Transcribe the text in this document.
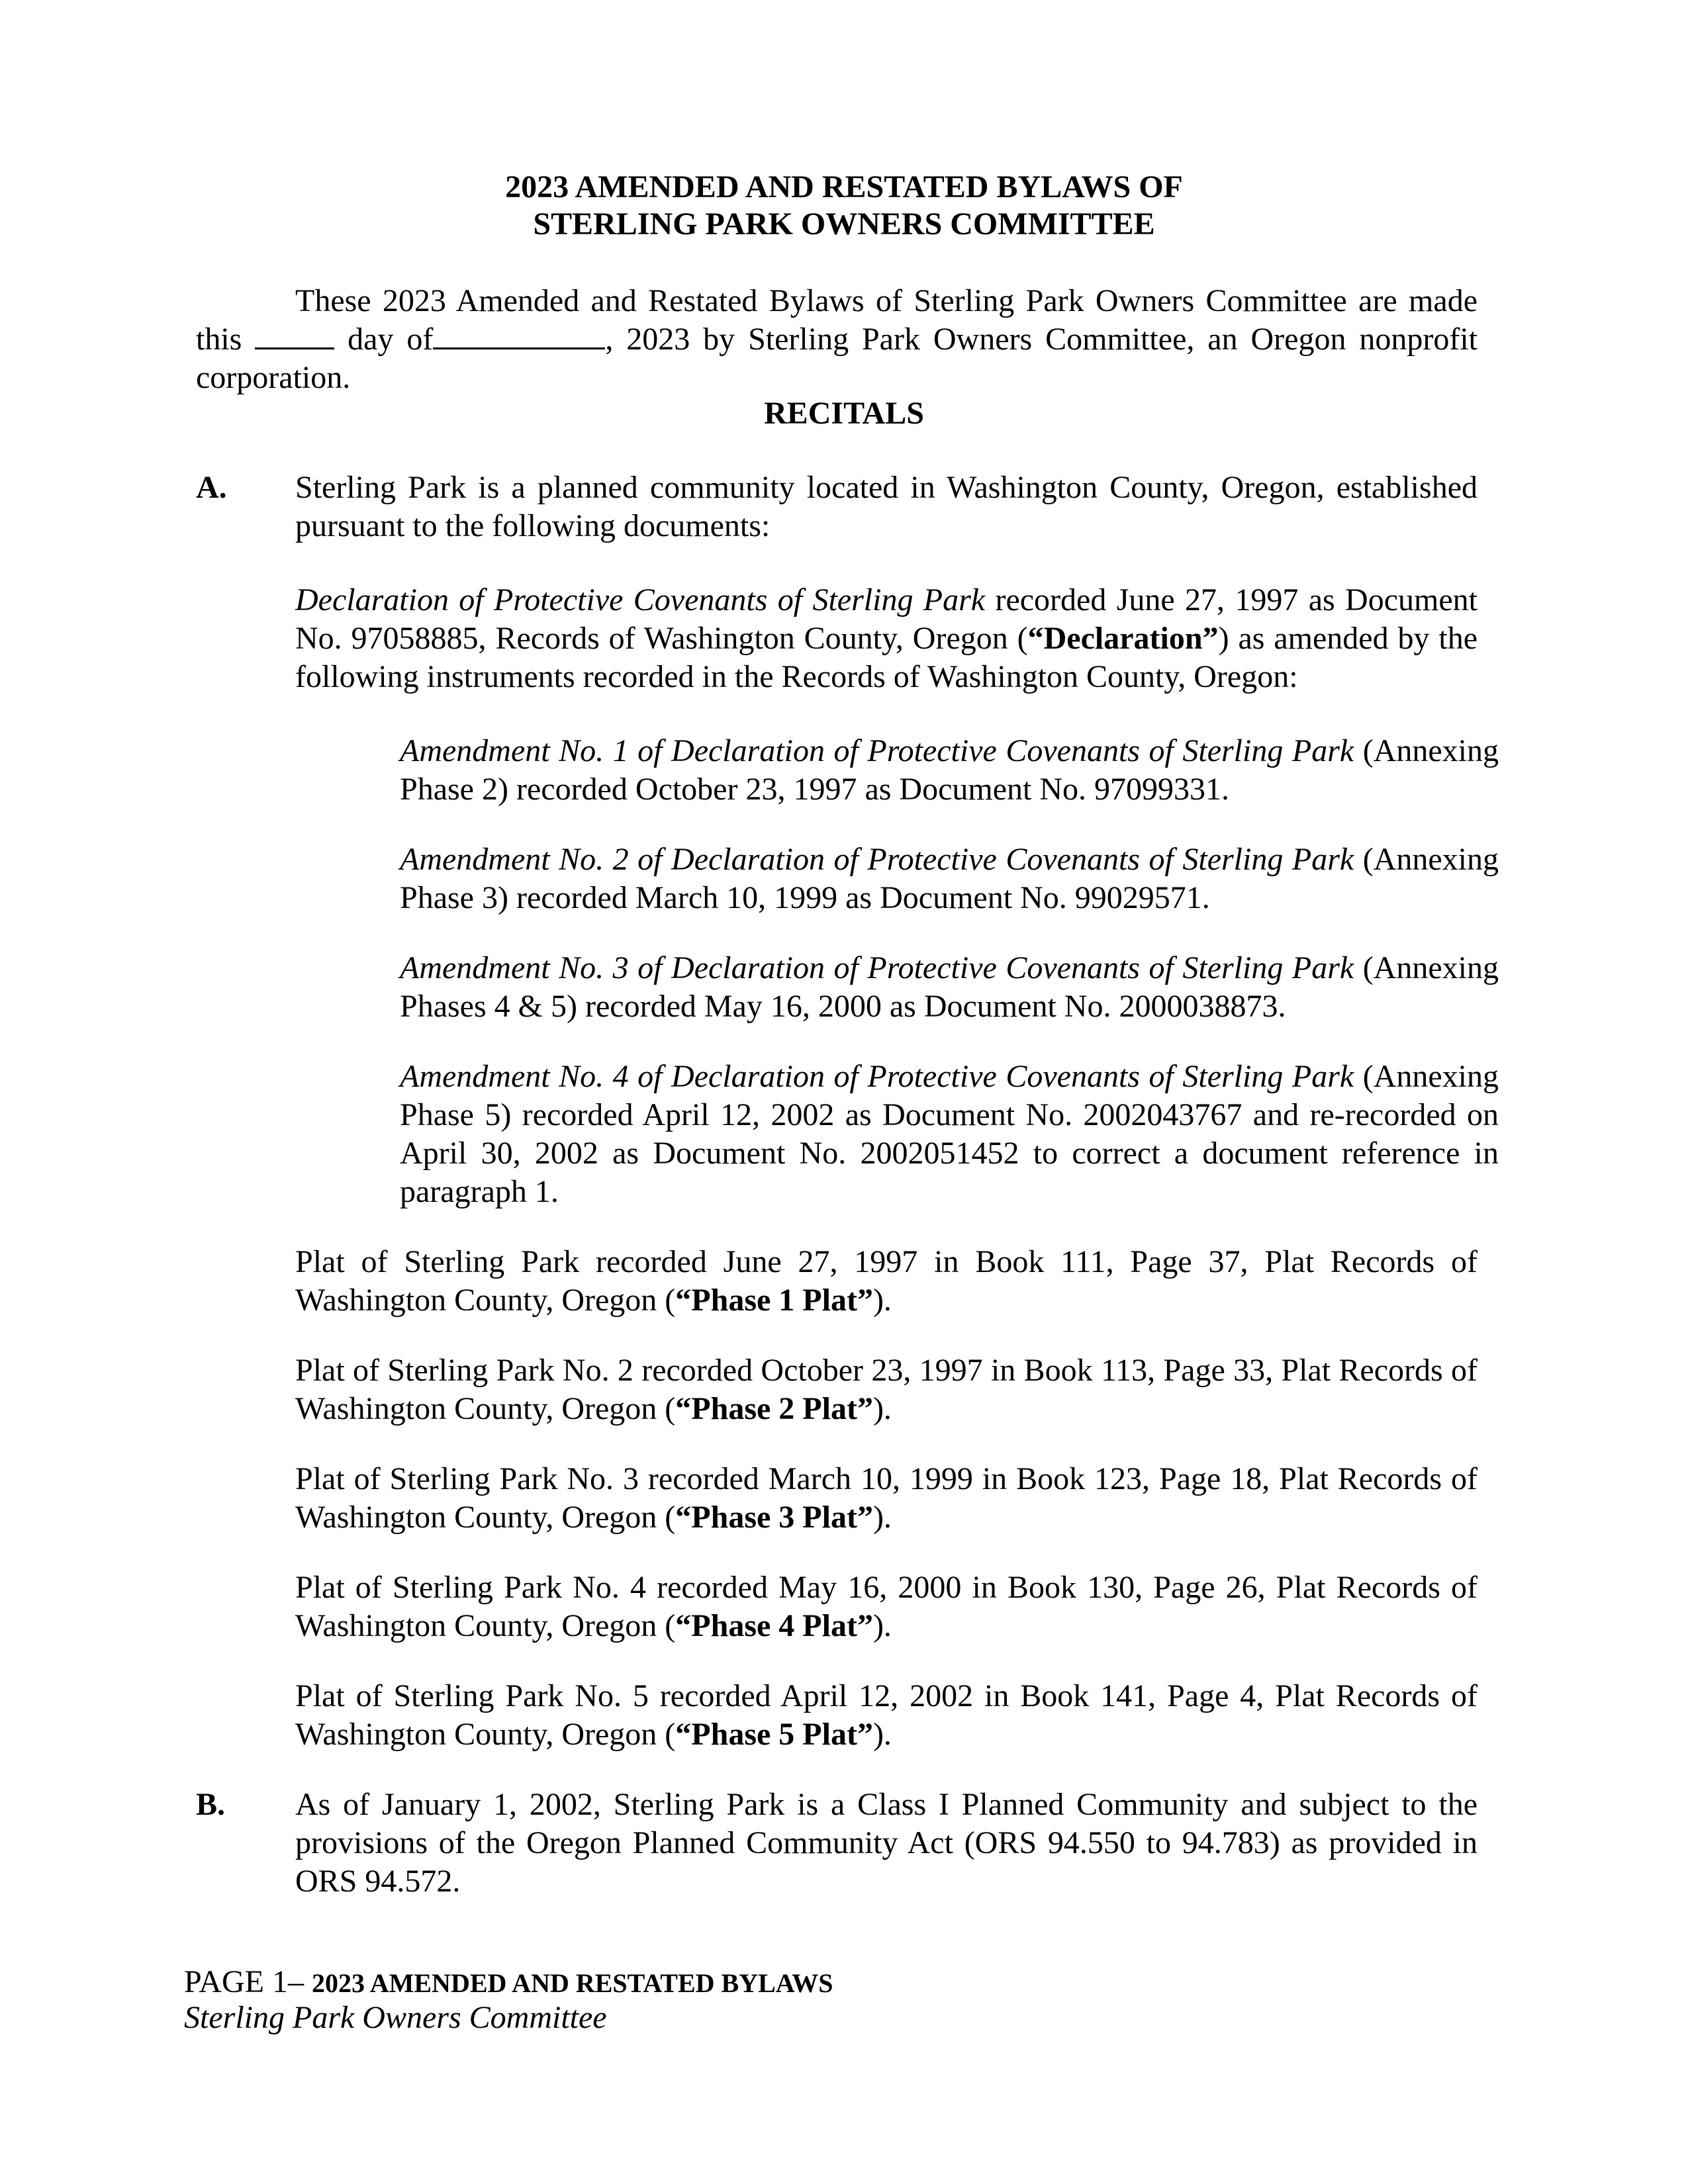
2023 AMENDED AND RESTATED BYLAWS OF
STERLING PARK OWNERS COMMITTEE
These 2023 Amended and Restated Bylaws of Sterling Park Owners Committee are made this	day of	, 2023 by Sterling Park Owners Committee, an Oregon nonprofit corporation.
RECITALS
A. Sterling Park is a planned community located in Washington County, Oregon, established pursuant to the following documents:
Declaration of Protective Covenants of Sterling Park recorded June 27, 1997 as Document No. 97058885, Records of Washington County, Oregon (“Declaration”) as amended by the following instruments recorded in the Records of Washington County, Oregon:
Amendment No. 1 of Declaration of Protective Covenants of Sterling Park (Annexing Phase 2) recorded October 23, 1997 as Document No. 97099331.
Amendment No. 2 of Declaration of Protective Covenants of Sterling Park (Annexing Phase 3) recorded March 10, 1999 as Document No. 99029571.
Amendment No. 3 of Declaration of Protective Covenants of Sterling Park (Annexing Phases 4 & 5) recorded May 16, 2000 as Document No. 2000038873.
Amendment No. 4 of Declaration of Protective Covenants of Sterling Park (Annexing Phase 5) recorded April 12, 2002 as Document No. 2002043767 and re-recorded on April 30, 2002 as Document No. 2002051452 to correct a document reference in paragraph 1.
Plat of Sterling Park recorded June 27, 1997 in Book 111, Page 37, Plat Records of Washington County, Oregon (“Phase 1 Plat”).
Plat of Sterling Park No. 2 recorded October 23, 1997 in Book 113, Page 33, Plat Records of Washington County, Oregon (“Phase 2 Plat”).
Plat of Sterling Park No. 3 recorded March 10, 1999 in Book 123, Page 18, Plat Records of Washington County, Oregon (“Phase 3 Plat”).
Plat of Sterling Park No. 4 recorded May 16, 2000 in Book 130, Page 26, Plat Records of Washington County, Oregon (“Phase 4 Plat”).
Plat of Sterling Park No. 5 recorded April 12, 2002 in Book 141, Page 4, Plat Records of Washington County, Oregon (“Phase 5 Plat”).
B. As of January 1, 2002, Sterling Park is a Class I Planned Community and subject to the provisions of the Oregon Planned Community Act (ORS 94.550 to 94.783) as provided in ORS 94.572.
PAGE 1– 2023 AMENDED AND RESTATED BYLAWS
Sterling Park Owners Committee
